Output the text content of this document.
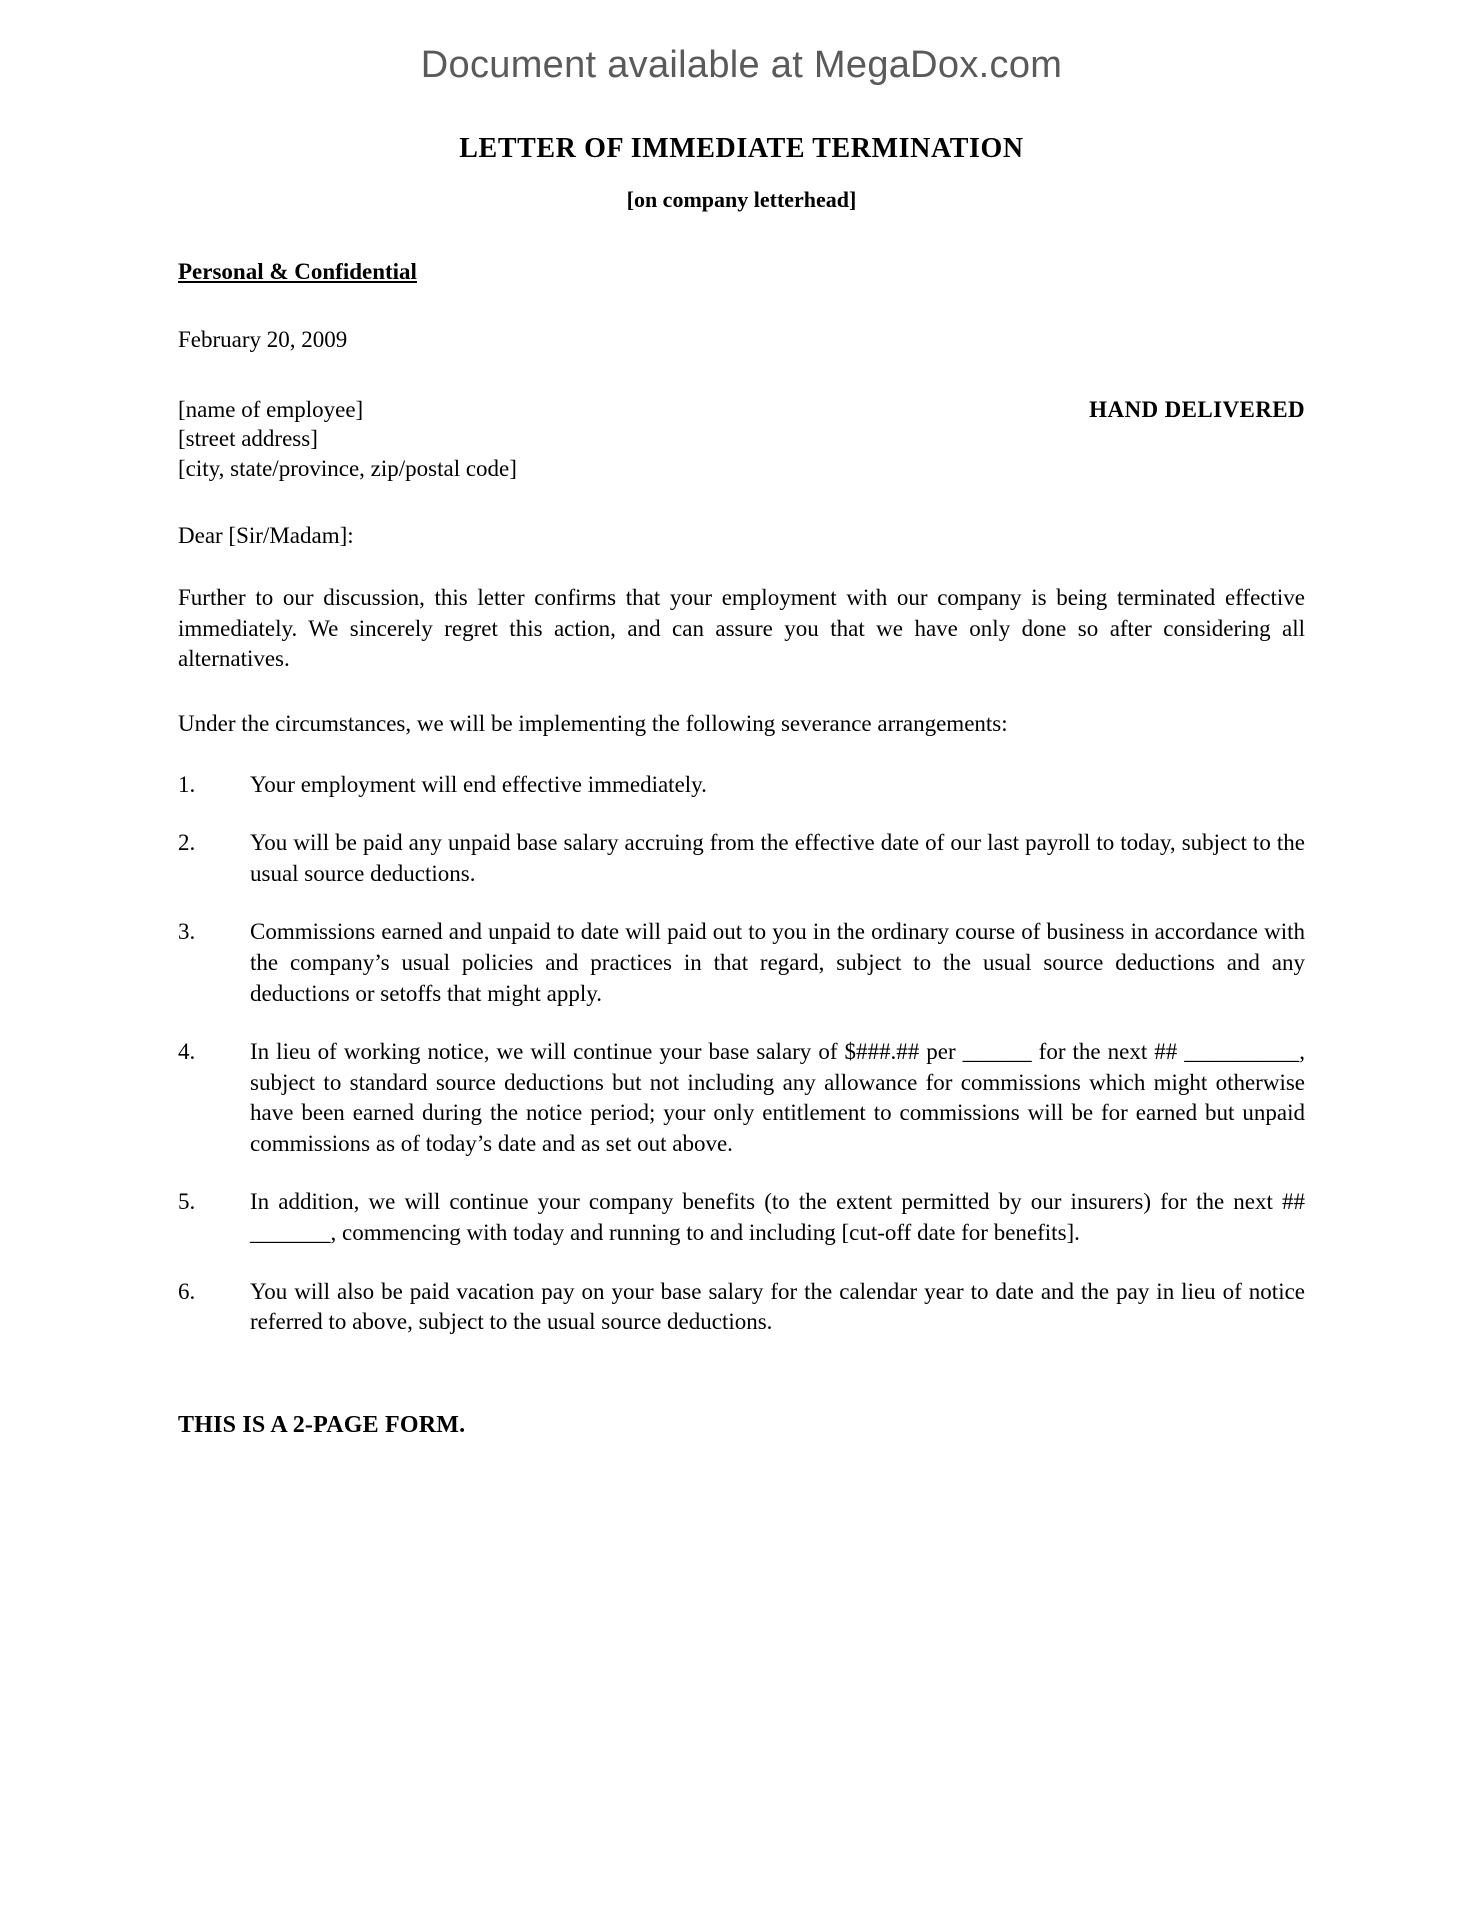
Document available at MegaDox.com
LETTER OF IMMEDIATE TERMINATION
[on company letterhead]
Personal & Confidential
February 20, 2009
[name of employee]
[street address]
[city, state/province, zip/postal code]
HAND DELIVERED
Dear [Sir/Madam]:

Further to our discussion, this letter confirms that your employment with our company is being terminated effective immediately. We sincerely regret this action, and can assure you that we have only done so after considering all alternatives.

Under the circumstances, we will be implementing the following severance arrangements:

1.	Your employment will end effective immediately.
2.	You will be paid any unpaid base salary accruing from the effective date of our last payroll to today, subject to the usual source deductions.
3.	Commissions earned and unpaid to date will paid out to you in the ordinary course of business in accordance with the company’s usual policies and practices in that regard, subject to the usual source deductions and any deductions or setoffs that might apply.
4.	In lieu of working notice, we will continue your base salary of $###.## per ______ for the next ## __________, subject to standard source deductions but not including any allowance for commissions which might otherwise have been earned during the notice period; your only entitlement to commissions will be for earned but unpaid commissions as of today’s date and as set out above.
5.	In addition, we will continue your company benefits (to the extent permitted by our insurers) for the next ## _______, commencing with today and running to and including [cut-off date for benefits].
6.	You will also be paid vacation pay on your base salary for the calendar year to date and the pay in lieu of notice referred to above, subject to the usual source deductions.
THIS IS A 2-PAGE FORM.
